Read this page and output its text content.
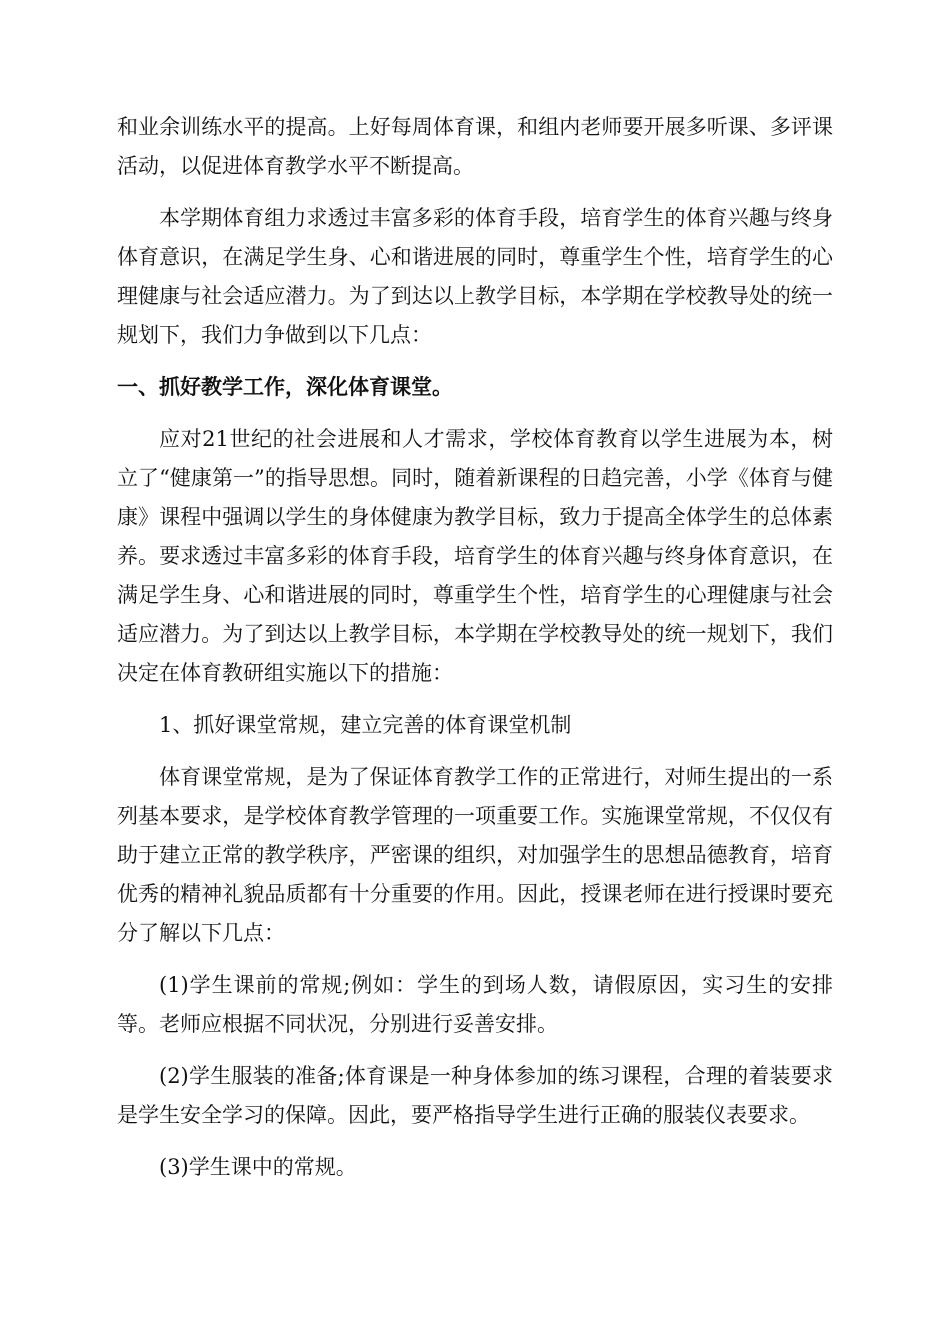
和业余训练水平的提高。上好每周体育课，和组内老师要开展多听课、多评课活动，以促进体育教学水平不断提高。

本学期体育组力求透过丰富多彩的体育手段，培育学生的体育兴趣与终身体育意识，在满足学生身、心和谐进展的同时，尊重学生个性，培育学生的心理健康与社会适应潜力。为了到达以上教学目标，本学期在学校教导处的统一规划下，我们力争做到以下几点：

一、抓好教学工作，深化体育课堂。

应对21世纪的社会进展和人才需求，学校体育教育以学生进展为本，树立了“健康第一”的指导思想。同时，随着新课程的日趋完善，小学《体育与健康》课程中强调以学生的身体健康为教学目标，致力于提高全体学生的总体素养。要求透过丰富多彩的体育手段，培育学生的体育兴趣与终身体育意识，在满足学生身、心和谐进展的同时，尊重学生个性，培育学生的心理健康与社会适应潜力。为了到达以上教学目标，本学期在学校教导处的统一规划下，我们决定在体育教研组实施以下的措施：

1、抓好课堂常规，建立完善的体育课堂机制

体育课堂常规，是为了保证体育教学工作的正常进行，对师生提出的一系列基本要求，是学校体育教学管理的一项重要工作。实施课堂常规，不仅仅有助于建立正常的教学秩序，严密课的组织，对加强学生的思想品德教育，培育优秀的精神礼貌品质都有十分重要的作用。因此，授课老师在进行授课时要充分了解以下几点：

(1)学生课前的常规;例如：学生的到场人数，请假原因，实习生的安排等。老师应根据不同状况，分别进行妥善安排。

(2)学生服装的准备;体育课是一种身体参加的练习课程，合理的着装要求是学生安全学习的保障。因此，要严格指导学生进行正确的服装仪表要求。

(3)学生课中的常规。
